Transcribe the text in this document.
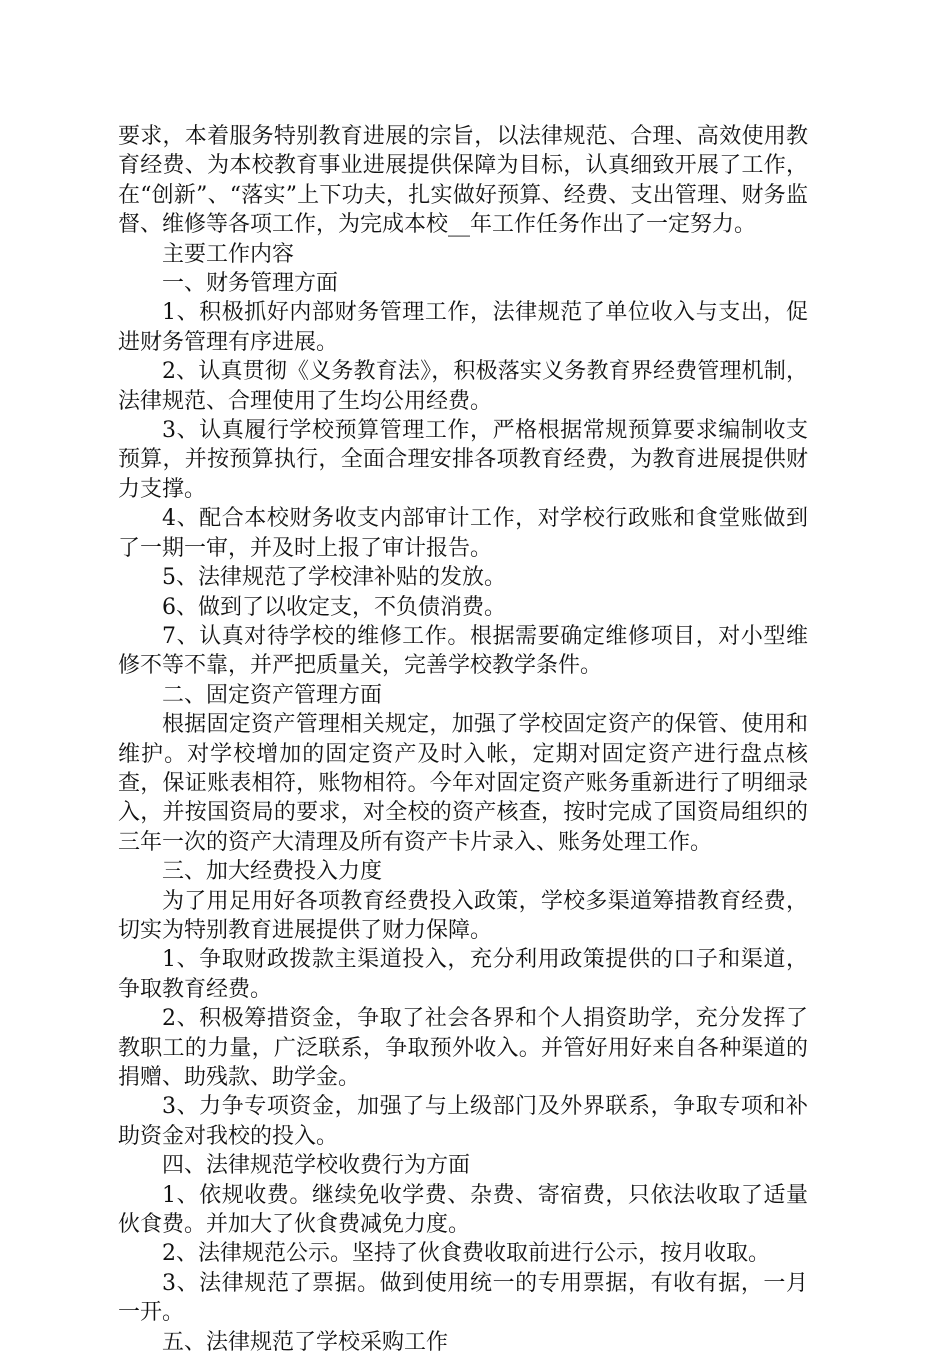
要求，本着服务特别教育进展的宗旨，以法律规范、合理、高效使用教育经费、为本校教育事业进展提供保障为目标，认真细致开展了工作，在“创新”、“落实”上下功夫，扎实做好预算、经费、支出管理、财务监督、维修等各项工作，为完成本校__年工作任务作出了一定努力。

主要工作内容

一、财务管理方面

1、积极抓好内部财务管理工作，法律规范了单位收入与支出，促进财务管理有序进展。

2、认真贯彻《义务教育法》，积极落实义务教育界经费管理机制，法律规范、合理使用了生均公用经费。

3、认真履行学校预算管理工作，严格根据常规预算要求编制收支预算，并按预算执行，全面合理安排各项教育经费，为教育进展提供财力支撑。

4、配合本校财务收支内部审计工作，对学校行政账和食堂账做到了一期一审，并及时上报了审计报告。

5、法律规范了学校津补贴的发放。

6、做到了以收定支，不负债消费。

7、认真对待学校的维修工作。根据需要确定维修项目，对小型维修不等不靠，并严把质量关，完善学校教学条件。

二、固定资产管理方面

根据固定资产管理相关规定，加强了学校固定资产的保管、使用和维护。对学校增加的固定资产及时入帐，定期对固定资产进行盘点核查，保证账表相符，账物相符。今年对固定资产账务重新进行了明细录入，并按国资局的要求，对全校的资产核查，按时完成了国资局组织的三年一次的资产大清理及所有资产卡片录入、账务处理工作。

三、加大经费投入力度

为了用足用好各项教育经费投入政策，学校多渠道筹措教育经费，切实为特别教育进展提供了财力保障。

1、争取财政拨款主渠道投入，充分利用政策提供的口子和渠道，争取教育经费。

2、积极筹措资金，争取了社会各界和个人捐资助学，充分发挥了教职工的力量，广泛联系，争取预外收入。并管好用好来自各种渠道的捐赠、助残款、助学金。

3、力争专项资金，加强了与上级部门及外界联系，争取专项和补助资金对我校的投入。

四、法律规范学校收费行为方面

1、依规收费。继续免收学费、杂费、寄宿费，只依法收取了适量伙食费。并加大了伙食费减免力度。

2、法律规范公示。坚持了伙食费收取前进行公示，按月收取。

3、法律规范了票据。做到使用统一的专用票据，有收有据，一月一开。

五、法律规范了学校采购工作
